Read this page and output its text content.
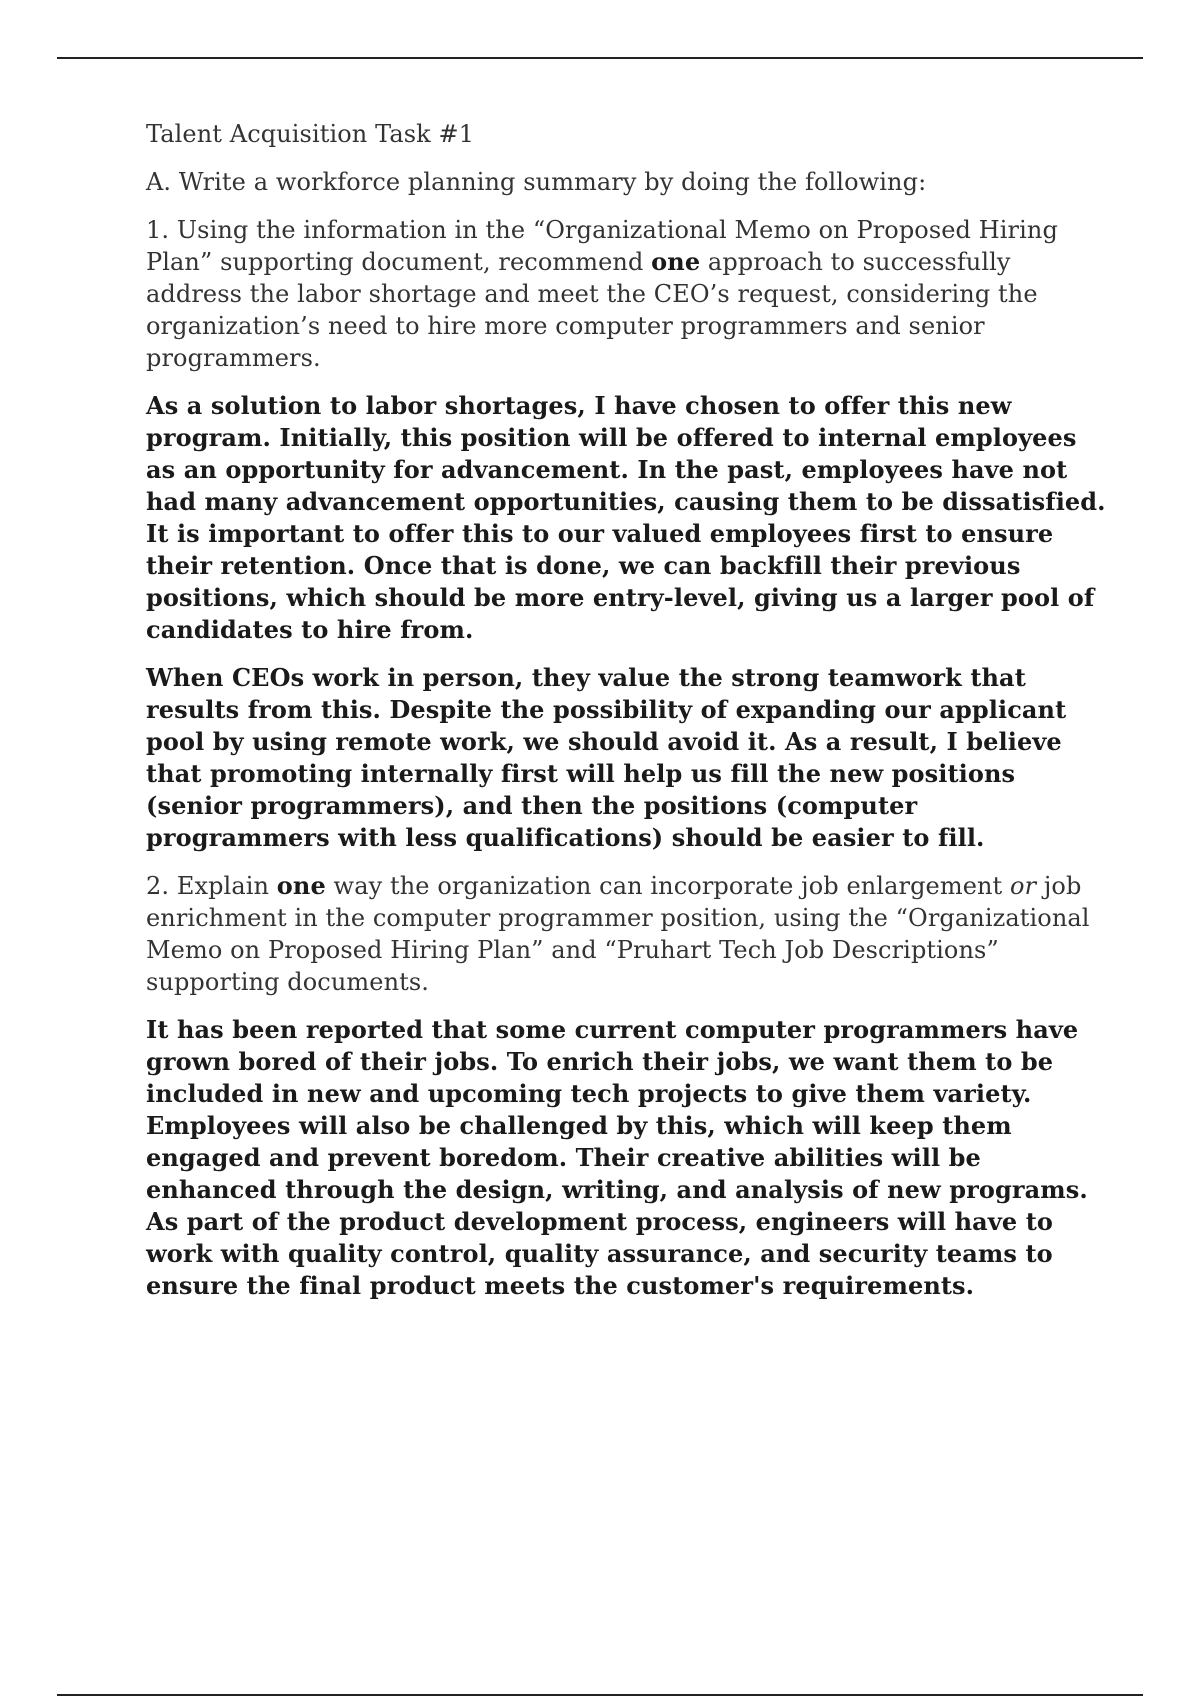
Talent Acquisition Task #1

A. Write a workforce planning summary by doing the following:

1. Using the information in the “Organizational Memo on Proposed Hiring Plan” supporting document, recommend one approach to successfully address the labor shortage and meet the CEO’s request, considering the organization’s need to hire more computer programmers and senior programmers.

As a solution to labor shortages, I have chosen to offer this new program. Initially, this position will be offered to internal employees as an opportunity for advancement. In the past, employees have not had many advancement opportunities, causing them to be dissatisfied. It is important to offer this to our valued employees first to ensure their retention. Once that is done, we can backfill their previous positions, which should be more entry-level, giving us a larger pool of candidates to hire from.

When CEOs work in person, they value the strong teamwork that results from this. Despite the possibility of expanding our applicant pool by using remote work, we should avoid it. As a result, I believe that promoting internally first will help us fill the new positions (senior programmers), and then the positions (computer programmers with less qualifications) should be easier to fill.

2. Explain one way the organization can incorporate job enlargement or job enrichment in the computer programmer position, using the “Organizational Memo on Proposed Hiring Plan” and “Pruhart Tech Job Descriptions” supporting documents.

It has been reported that some current computer programmers have grown bored of their jobs. To enrich their jobs, we want them to be included in new and upcoming tech projects to give them variety. Employees will also be challenged by this, which will keep them engaged and prevent boredom. Their creative abilities will be enhanced through the design, writing, and analysis of new programs. As part of the product development process, engineers will have to work with quality control, quality assurance, and security teams to ensure the final product meets the customer's requirements.
